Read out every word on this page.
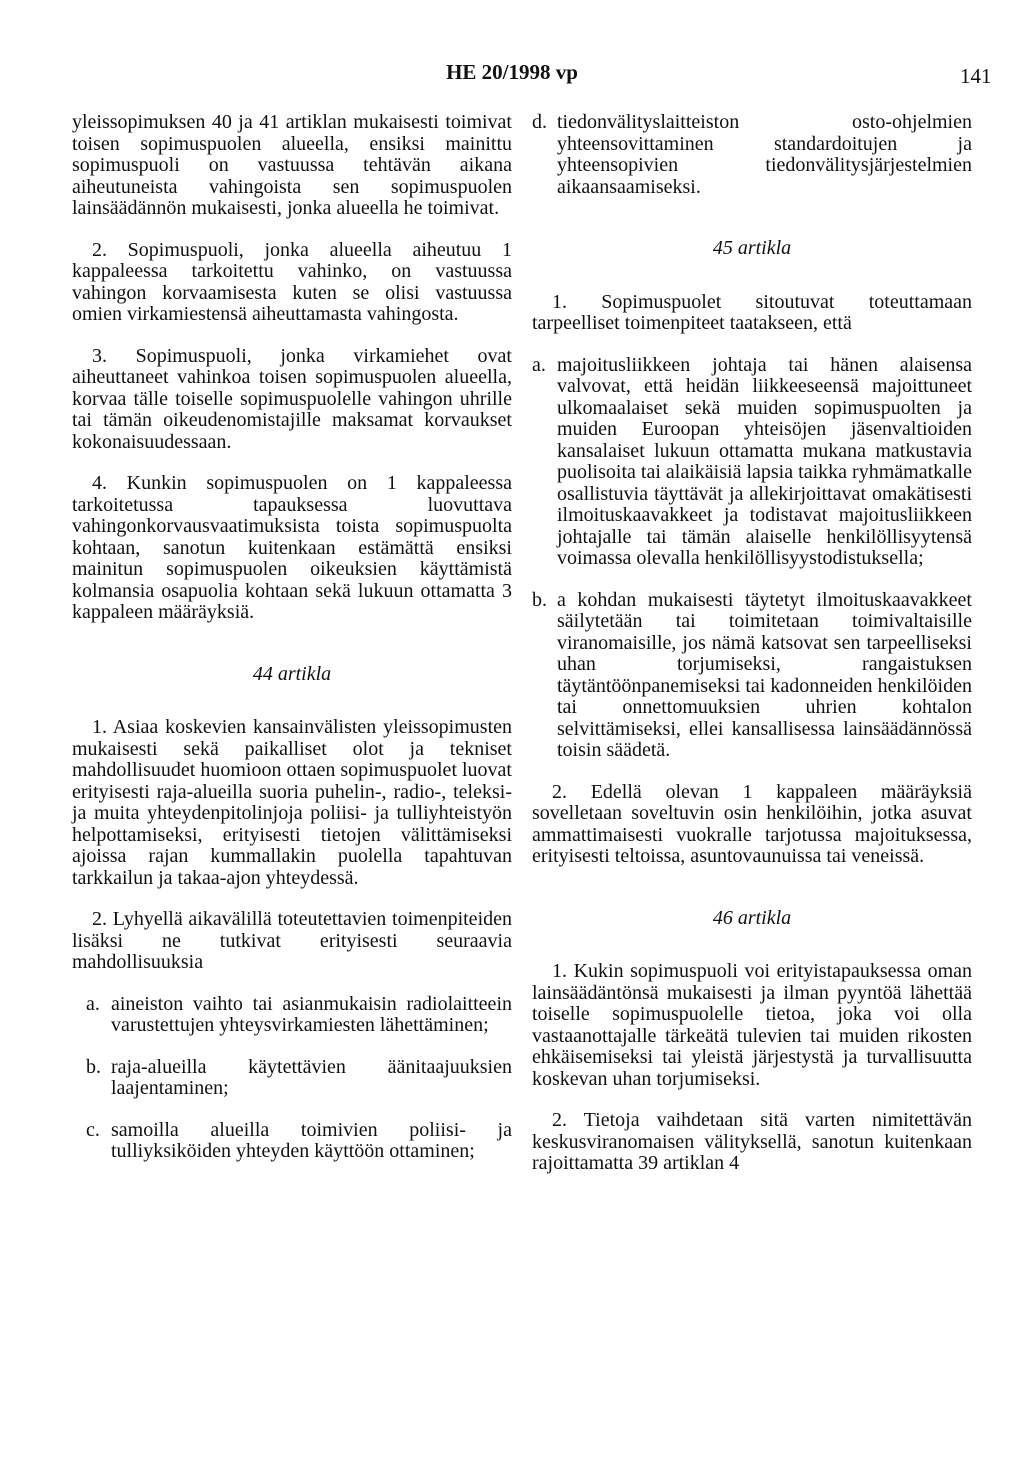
HE 20/1998 vp	141

yleissopimuksen 40 ja 41 artiklan mukaisesti toimivat toisen sopimuspuolen alueella, ensiksi mainittu sopimuspuoli on vastuussa tehtävän aikana aiheutuneista vahingoista sen sopimuspuolen lainsäädännön mukaisesti, jonka alueella he toimivat.

2. Sopimuspuoli, jonka alueella aiheutuu 1 kappaleessa tarkoitettu vahinko, on vastuussa vahingon korvaamisesta kuten se olisi vastuussa omien virkamiestensä aiheuttamasta vahingosta.

3. Sopimuspuoli, jonka virkamiehet ovat aiheuttaneet vahinkoa toisen sopimuspuolen alueella, korvaa tälle toiselle sopimuspuolelle vahingon uhrille tai tämän oikeudenomistajille maksamat korvaukset kokonaisuudessaan.

4. Kunkin sopimuspuolen on 1 kappaleessa tarkoitetussa tapauksessa luovuttava vahingonkorvausvaatimuksista toista sopimuspuolta kohtaan, sanotun kuitenkaan estämättä ensiksi mainitun sopimuspuolen oikeuksien käyttämistä kolmansia osapuolia kohtaan sekä lukuun ottamatta 3 kappaleen määräyksiä.

44 artikla

1. Asiaa koskevien kansainvälisten yleissopimusten mukaisesti sekä paikalliset olot ja tekniset mahdollisuudet huomioon ottaen sopimuspuolet luovat erityisesti raja-alueilla suoria puhelin-, radio-, teleksi- ja muita yhteydenpitolinjoja poliisi- ja tulliyhteistyön helpottamiseksi, erityisesti tietojen välittämiseksi ajoissa rajan kummallakin puolella tapahtuvan tarkkailun ja takaa-ajon yhteydessä.

2. Lyhyellä aikavälillä toteutettavien toimenpiteiden lisäksi ne tutkivat erityisesti seuraavia mahdollisuuksia

a. aineiston vaihto tai asianmukaisin radiolaitteein varustettujen yhteysvirkamiesten lähettäminen;
b. raja-alueilla käytettävien äänitaajuuksien laajentaminen;
c. samoilla alueilla toimivien poliisi- ja tulliyksiköiden yhteyden käyttöön ottaminen;
d. tiedonvälityslaitteiston osto-ohjelmien yhteensovittaminen standardoitujen ja yhteensopivien tiedonvälitysjärjestelmien aikaansaamiseksi.
45 artikla

1. Sopimuspuolet sitoutuvat toteuttamaan tarpeelliset toimenpiteet taatakseen, että

a. majoitusliikkeen johtaja tai hänen alaisensa valvovat, että heidän liikkeeseensä majoittuneet ulkomaalaiset sekä muiden sopimuspuolten ja muiden Euroopan yhteisöjen jäsenvaltioiden kansalaiset lukuun ottamatta mukana matkustavia puolisoita tai alaikäisiä lapsia taikka ryhmämatkalle osallistuvia täyttävät ja allekirjoittavat omakätisesti ilmoituskaavakkeet ja todistavat majoitusliikkeen johtajalle tai tämän alaiselle henkilöllisyytensä voimassa olevalla henkilöllisyystodistuksella;
b. a kohdan mukaisesti täytetyt ilmoituskaavakkeet säilytetään tai toimitetaan toimivaltaisille viranomaisille, jos nämä katsovat sen tarpeelliseksi uhan torjumiseksi, rangaistuksen täytäntöönpanemiseksi tai kadonneiden henkilöiden tai onnettomuuksien uhrien kohtalon selvittämiseksi, ellei kansallisessa lainsäädännössä toisin säädetä.

2. Edellä olevan 1 kappaleen määräyksiä sovelletaan soveltuvin osin henkilöihin, jotka asuvat ammattimaisesti vuokralle tarjotussa majoituksessa, erityisesti teltoissa, asuntovaunuissa tai veneissä.

46 artikla

1. Kukin sopimuspuoli voi erityistapauksessa oman lainsäädäntönsä mukaisesti ja ilman pyyntöä lähettää toiselle sopimuspuolelle tietoa, joka voi olla vastaanottajalle tärkeätä tulevien tai muiden rikosten ehkäisemiseksi tai yleistä järjestystä ja turvallisuutta koskevan uhan torjumiseksi.

2. Tietoja vaihdetaan sitä varten nimitettävän keskusviranomaisen välityksellä, sanotun kuitenkaan rajoittamatta 39 artiklan 4
